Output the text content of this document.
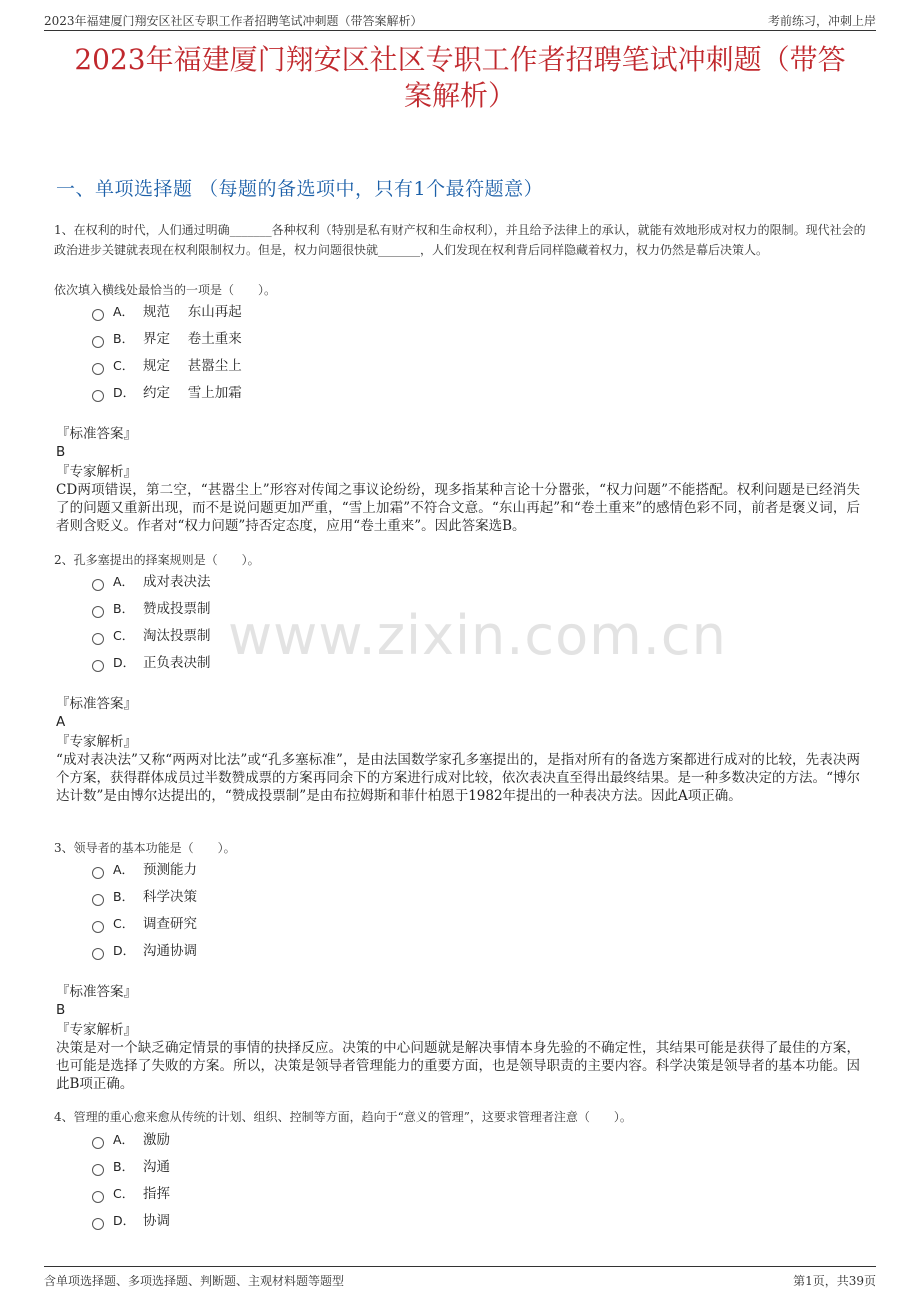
2023年福建厦门翔安区社区专职工作者招聘笔试冲刺题（带答案解析）	考前练习，冲刺上岸
2023年福建厦门翔安区社区专职工作者招聘笔试冲刺题（带答
案解析）
一、单项选择题 （每题的备选项中，只有1个最符题意）
www.zixin.com.cn
1、在权利的时代，人们通过明确_______各种权利（特别是私有财产权和生命权利），并且给予法律上的承认，就能有效地形成对权力的限制。现代社会的政治进步关键就表现在权利限制权力。但是，权力问题很快就_______，人们发现在权利背后同样隐藏着权力，权力仍然是幕后决策人。
依次填入横线处最恰当的一项是（　　）。
A． 规范　 东山再起
B． 界定　 卷土重来
C． 规定　 甚嚣尘上
D． 约定　 雪上加霜
『标准答案』
B
『专家解析』
CD两项错误，第二空，“甚嚣尘上”形容对传闻之事议论纷纷，现多指某种言论十分嚣张，“权力问题”不能搭配。权利问题是已经消失了的问题又重新出现，而不是说问题更加严重，“雪上加霜”不符合文意。“东山再起”和“卷土重来”的感情色彩不同，前者是褒义词，后者则含贬义。作者对“权力问题”持否定态度，应用“卷土重来”。因此答案选B。
2、孔多塞提出的择案规则是（　　）。
A． 成对表决法
B． 赞成投票制
C． 淘汰投票制
D． 正负表决制
『标准答案』
A
『专家解析』
“成对表决法”又称“两两对比法”或“孔多塞标准”，是由法国数学家孔多塞提出的，是指对所有的备选方案都进行成对的比较，先表决两个方案，获得群体成员过半数赞成票的方案再同余下的方案进行成对比较，依次表决直至得出最终结果。是一种多数决定的方法。“博尔达计数”是由博尔达提出的，“赞成投票制”是由布拉姆斯和菲什柏恩于1982年提出的一种表决方法。因此A项正确。
3、领导者的基本功能是（　　）。
A． 预测能力
B． 科学决策
C． 调查研究
D． 沟通协调
『标准答案』
B
『专家解析』
决策是对一个缺乏确定情景的事情的抉择反应。决策的中心问题就是解决事情本身先验的不确定性，其结果可能是获得了最佳的方案，也可能是选择了失败的方案。所以，决策是领导者管理能力的重要方面，也是领导职责的主要内容。科学决策是领导者的基本功能。因此B项正确。
4、管理的重心愈来愈从传统的计划、组织、控制等方面，趋向于“意义的管理”，这要求管理者注意（　　）。
A． 激励
B． 沟通
C． 指挥
D． 协调
含单项选择题、多项选择题、判断题、主观材料题等题型	第1页，共39页
